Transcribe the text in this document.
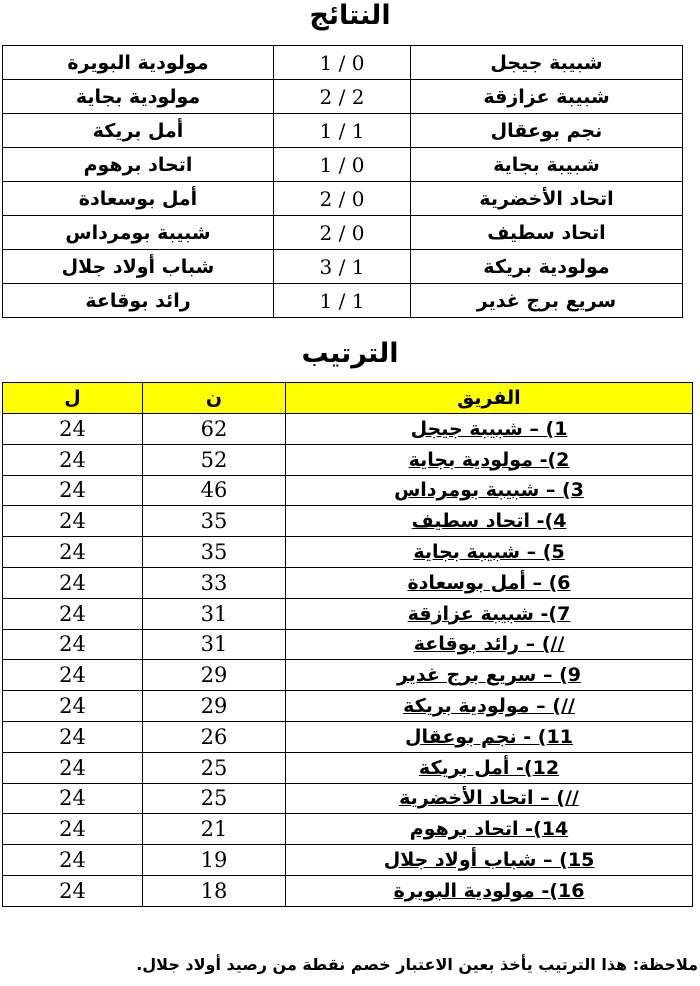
النتائج
مولودية البويرة	1 / 0	شبيبة جيجل
مولودية بجاية	2 / 2	شبيبة عزازقة
أمل بريكة	1 / 1	نجم بوعقال
اتحاد برهوم	1 / 0	شبيبة بجاية
أمل بوسعادة	2 / 0	اتحاد الأخضرية
شبيبة بومرداس	2 / 0	اتحاد سطيف
شباب أولاد جلال	3 / 1	مولودية بريكة
رائد بوقاعة	1 / 1	سريع برج غدير
الترتيب
ل	ن	الفريق
24	62	1) – شبيبة جيجل
24	52	2)- مولودية بجاية
24	46	3) – شبيبة بومرداس
24	35	4)- اتحاد سطيف
24	35	5) – شبيبة بجاية
24	33	6) – أمل بوسعادة
24	31	7)- شبيبة عزازقة
24	31	//) – رائد بوقاعة
24	29	9) – سريع برج غدير
24	29	//) – مولودية بريكة
24	26	11) - نجم بوعقال
24	25	12)- أمل بريكة
24	25	//) – اتحاد الأخضرية
24	21	14)- اتحاد برهوم
24	19	15) – شباب أولاد جلال
24	18	16)- مولودية البويرة
ملاحظة: هذا الترتيب يأخذ بعين الاعتبار خصم نقطة من رصيد أولاد جلال.
